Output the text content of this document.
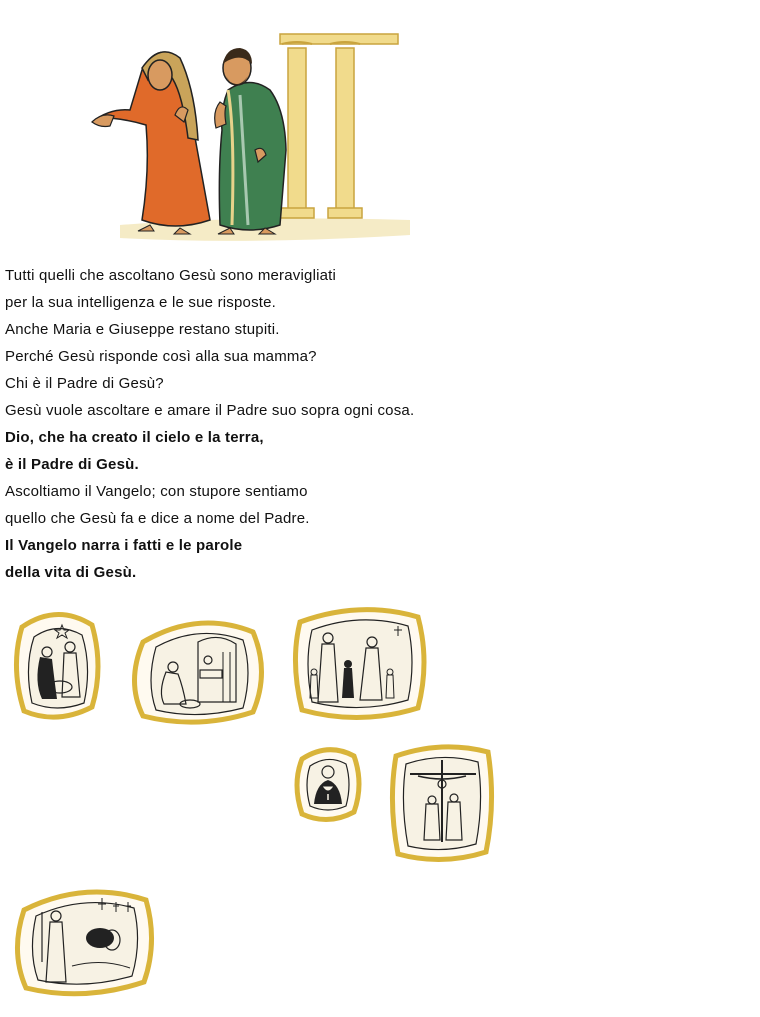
Tutti quelli che ascoltano Gesù sono meravigliati
per la sua intelligenza e le sue risposte.
Anche Maria e Giuseppe restano stupiti.
Perché Gesù risponde così alla sua mamma?
Chi è il Padre di Gesù?
Gesù vuole ascoltare e amare il Padre suo sopra ogni cosa.
Dio, che ha creato il cielo e la terra,
è il Padre di Gesù.
Ascoltiamo il Vangelo; con stupore sentiamo
quello che Gesù fa e dice a nome del Padre.
Il Vangelo narra i fatti e le parole
della vita di Gesù.
